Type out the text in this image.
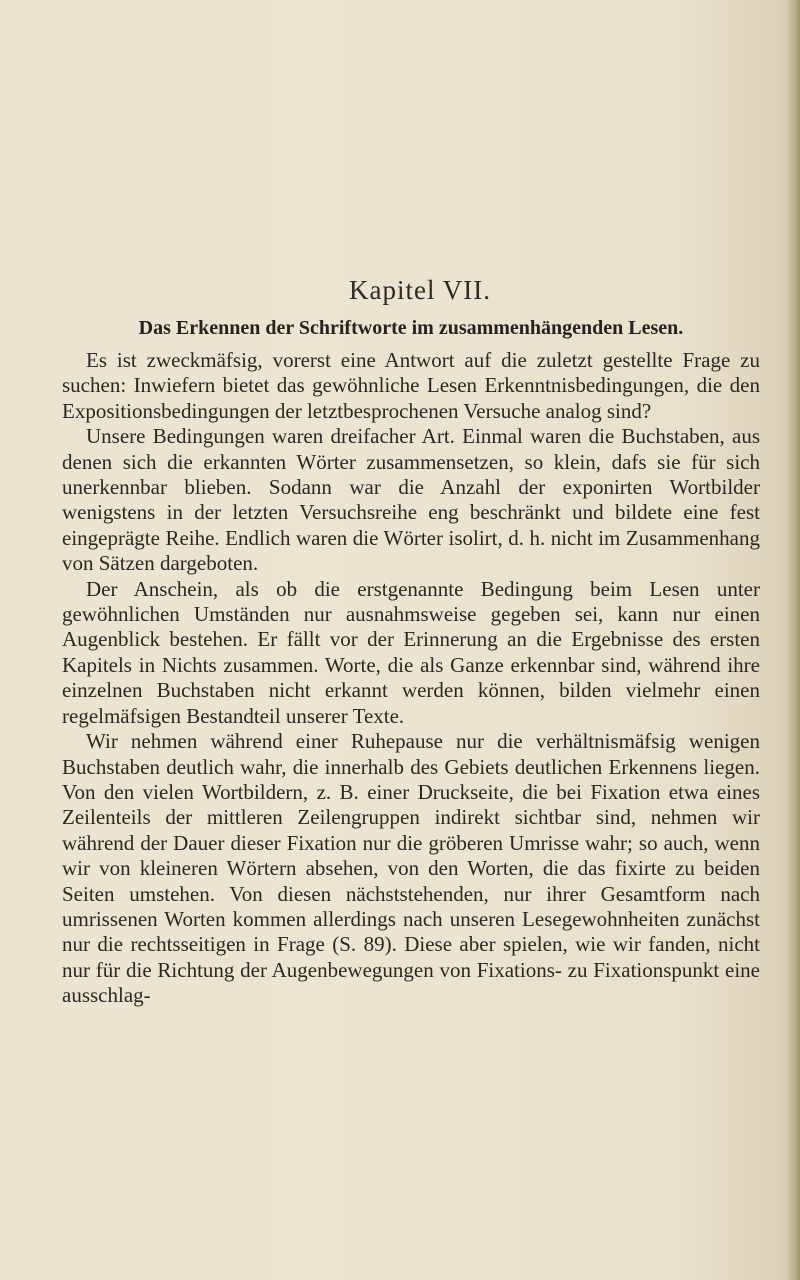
Kapitel VII.
Das Erkennen der Schriftworte im zusammenhängenden Lesen.

Es ist zweckmäfsig, vorerst eine Antwort auf die zuletzt gestellte Frage zu suchen: Inwiefern bietet das gewöhnliche Lesen Erkenntnisbedingungen, die den Expositionsbedingungen der letztbesprochenen Versuche analog sind?

Unsere Bedingungen waren dreifacher Art. Einmal waren die Buchstaben, aus denen sich die erkannten Wörter zusammensetzen, so klein, dafs sie für sich unerkennbar blieben. Sodann war die Anzahl der exponirten Wortbilder wenigstens in der letzten Versuchsreihe eng beschränkt und bildete eine fest eingeprägte Reihe. Endlich waren die Wörter isolirt, d. h. nicht im Zusammenhang von Sätzen dargeboten.

Der Anschein, als ob die erstgenannte Bedingung beim Lesen unter gewöhnlichen Umständen nur ausnahmsweise gegeben sei, kann nur einen Augenblick bestehen. Er fällt vor der Erinnerung an die Ergebnisse des ersten Kapitels in Nichts zusammen. Worte, die als Ganze erkennbar sind, während ihre einzelnen Buchstaben nicht erkannt werden können, bilden vielmehr einen regelmäfsigen Bestandteil unserer Texte.

Wir nehmen während einer Ruhepause nur die verhältnismäfsig wenigen Buchstaben deutlich wahr, die innerhalb des Gebiets deutlichen Erkennens liegen. Von den vielen Wortbildern, z. B. einer Druckseite, die bei Fixation etwa eines Zeilenteils der mittleren Zeilengruppen indirekt sichtbar sind, nehmen wir während der Dauer dieser Fixation nur die gröberen Umrisse wahr; so auch, wenn wir von kleineren Wörtern absehen, von den Worten, die das fixirte zu beiden Seiten umstehen. Von diesen nächststehenden, nur ihrer Gesamtform nach umrissenen Worten kommen allerdings nach unseren Lesegewohnheiten zunächst nur die rechtsseitigen in Frage (S. 89). Diese aber spielen, wie wir fanden, nicht nur für die Richtung der Augenbewegungen von Fixations- zu Fixationspunkt eine ausschlag-
